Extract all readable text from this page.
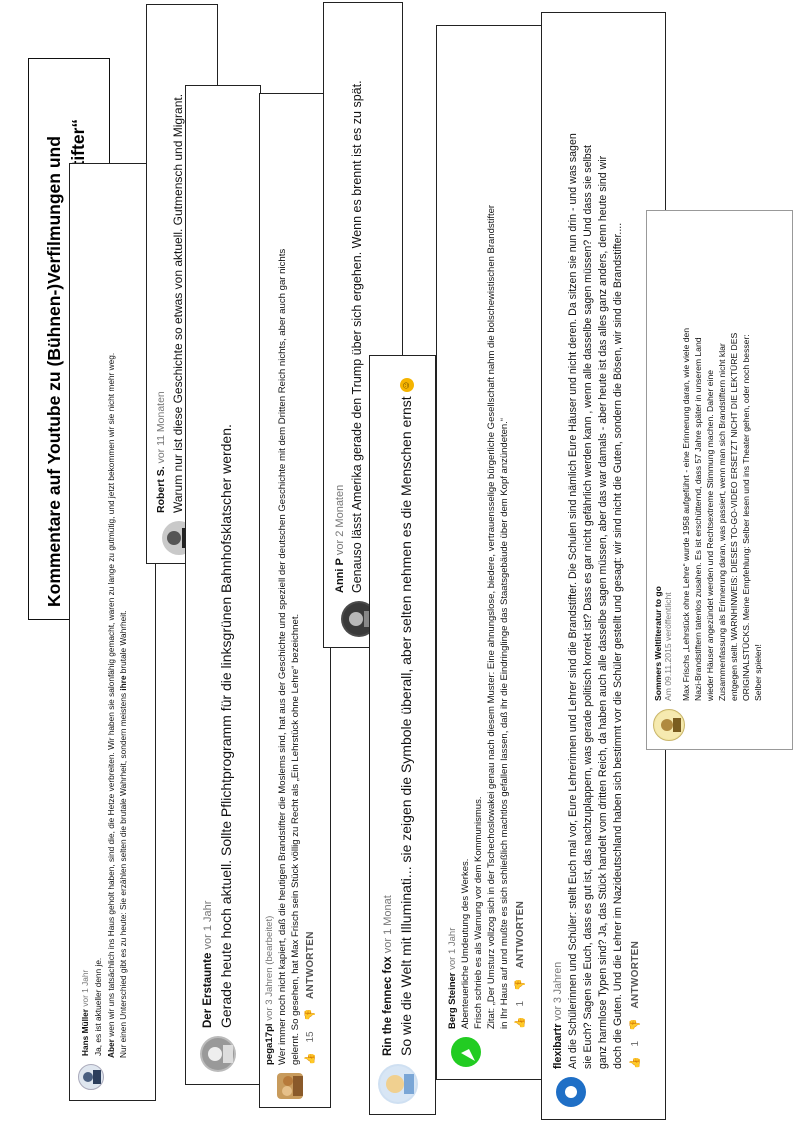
Kommentare auf Youtube zu (Bühnen-)Verfilmungen und
Hans Müller vor 1 Jahr Ja, es ist aktueller denn je. Aber wen wir uns tatsächlich ins Haus geholt haben, sind die, die Hetze verbreiten. Wir haben sie salonfähig gemacht, waren zu lange zu gutmütig, und jetzt bekommen wir sie nicht mehr weg. Nur einen Unterschied gibt es zu heute: Sie erzählen selten die brutale Wahrheit, sondern meistens ihre brutale Wahrheit.
Robert S. vor 11 Monaten Warum nur ist diese Geschichte so etwas von aktuell. Gutmensch und Migrant.
Der Erstaunte vor 1 Jahr Gerade heute hoch aktuell. Sollte Pflichtprogramm für die linksgrünen Bahnhofsklatscher werden.
pega17pl vor 3 Jahren (bearbeitet) Wer immer noch nicht kapiert, daß die heutigen Brandstifter die Moslems sind, hat aus der Geschichte und speziell der deutschen Geschichte mit dem Dritten Reich nichts, aber auch gar nichts gelernt. So gesehen, hat Max Frisch sein Stück völlig zu Recht als „Ein Lehrstück ohne Lehre“ bezeichnet. 👍
15
👎
ANTWORTEN
Anni P vor 2 Monaten Genauso lässt Amerika gerade den Trump über sich ergehen. Wenn es brennt ist es zu spät.
Rin the fennec fox vor 1 Monat So wie die Welt mit Illuminati... sie zeigen die Symbole überall, aber selten nehmen es die Menschen ernst ☺
Berg Steiner vor 1 Jahr Abenteuerliche Umdeutung des Werkes. Frisch schrieb es als Warnung vor dem Kommunismus. Zitat: „Der Umsturz vollzog sich in der Tschechoslowakei genau nach diesem Muster: Eine ahnungslose, biedere, vertrauensselige bürgerliche Gesellschaft nahm die bolschewistischen Brandstifter in Ihr Haus auf und mußte es sich schließlich machtlos gefallen lassen, daß ihr die Eindringlinge das Staatsgebäude über dem Kopf anzündeten.“ 👍
1
👎
ANTWORTEN
flexibartr vor 3 Jahren An die Schülerinnen und Schüler: stellt Euch mal vor, Eure Lehrerinnen und Lehrer sind die Brandstifter. Die Schulen sind nämlich Eure Häuser und nicht deren. Da sitzen sie nun drin - und was sagen sie Euch? Sagen sie Euch, dass es gut ist, das nachzuplappern, was gerade politisch korrekt ist? Dass es gar nicht gefährlich werden kann , wenn alle dasselbe sagen müssen? Und dass sie selbst ganz harmlose Typen sind? Ja, das Stück handelt vom dritten Reich, da haben auch alle dasselbe sagen müssen, aber das war damals - aber heute ist das alles ganz anders, denn heute sind wir doch die Guten. Und die Lehrer im Nazideutschland haben sich bestimmt vor die Schüler gestellt und gesagt: wir sind nicht die Guten, sondern die Bösen, wir sind die Brandstifter.... 👍
1
👎
ANTWORTEN
Sommers Weltliteratur to go Am 09.11.2015 veröffentlicht Max Frischs „Lehrstück ohne Lehre“ wurde 1958 aufgeführt - eine Erinnerung daran, wie viele den Nazi-Brandstiftern tatenlos zusahen. Es ist erschütternd, dass 57 Jahre später in unserem Land wieder Häuser angezündet werden und Rechtsextreme Stimmung machen. Daher eine Zusammenfassung als Erinnerung daran, was passiert, wenn man sich Brandstiftern nicht klar entgegen stellt. WARNHINWEIS: DIESES TO-GO-VIDEO ERSETZT NICHT DIE LEKTÜRE DES ORIGINALSTÜCKS. Meine Empfehlung: Selber lesen und ins Theater gehen, oder noch besser: Selber spielen!
